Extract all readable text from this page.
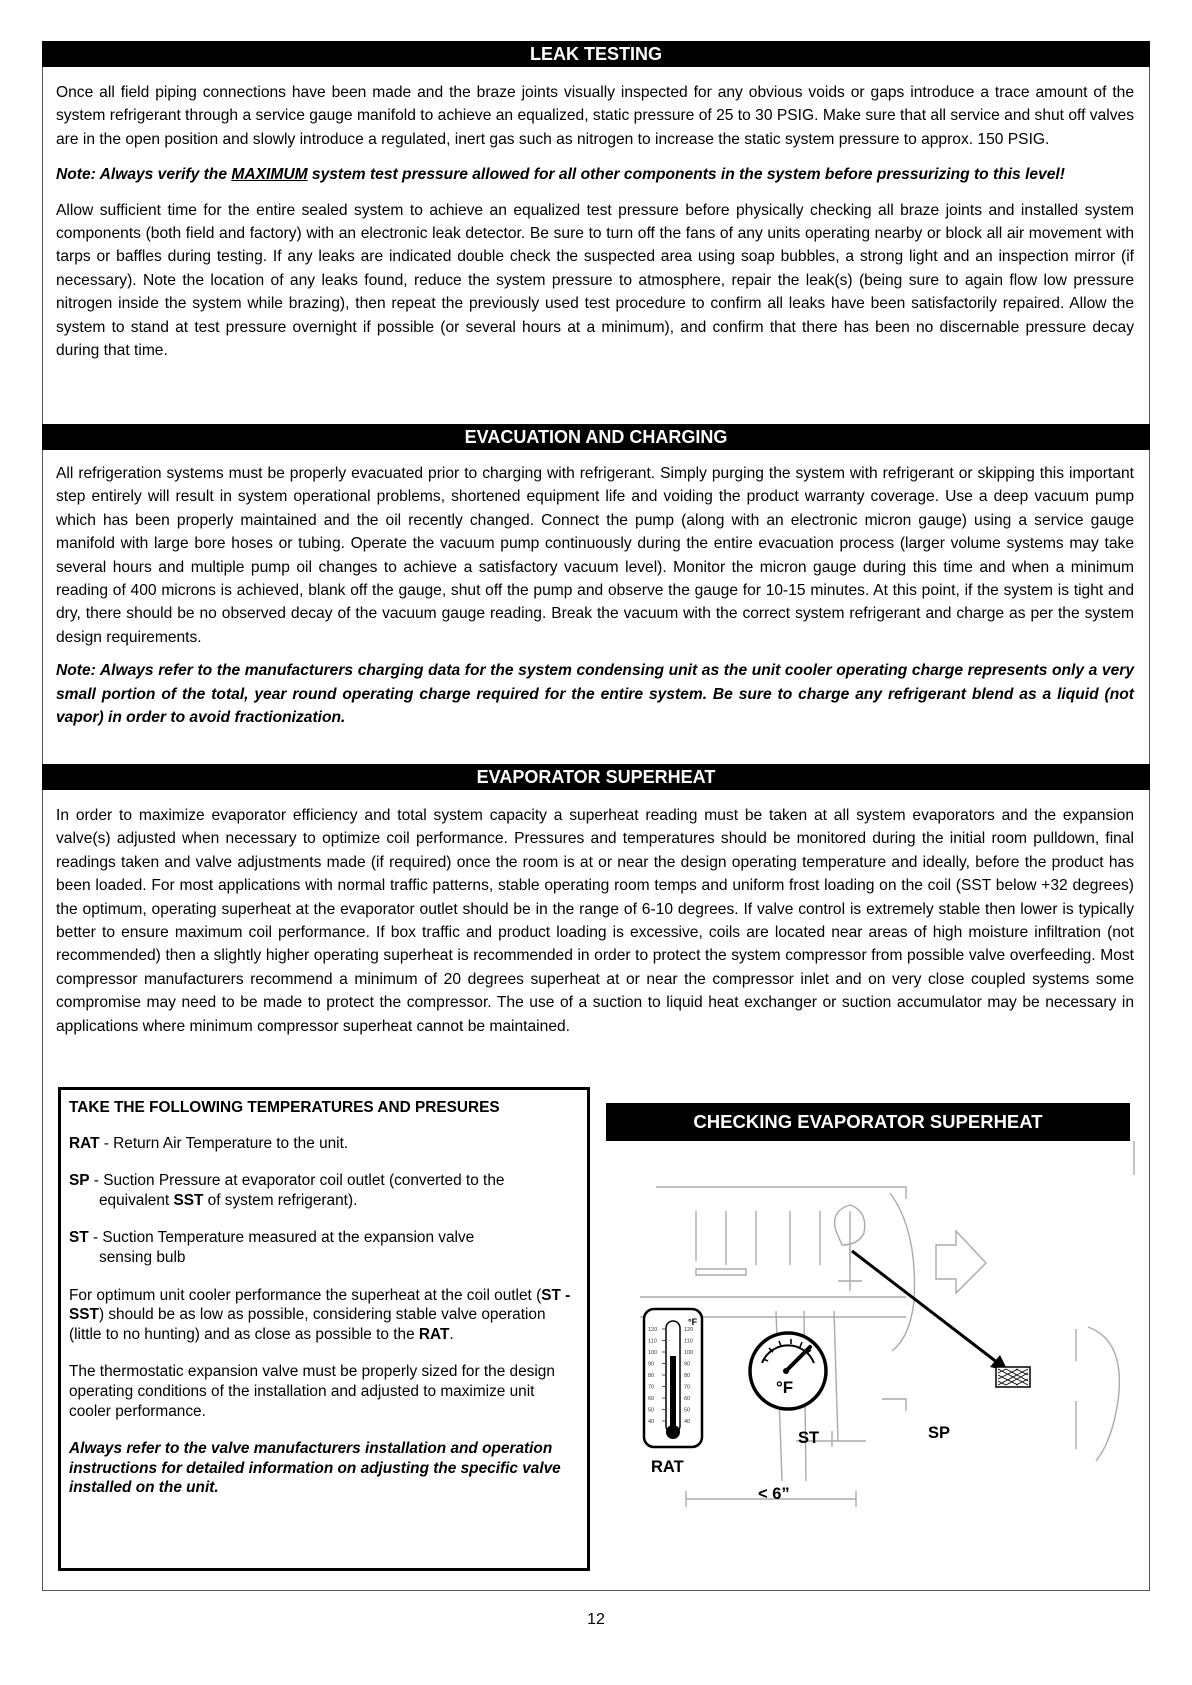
LEAK TESTING

Once all field piping connections have been made and the braze joints visually inspected for any obvious voids or gaps introduce a trace amount of the system refrigerant through a service gauge manifold to achieve an equalized, static pressure of 25 to 30 PSIG. Make sure that all service and shut off valves are in the open position and slowly introduce a regulated, inert gas such as nitrogen to increase the static system pressure to approx. 150 PSIG.

Note: Always verify the MAXIMUM system test pressure allowed for all other components in the system before pressurizing to this level!

Allow sufficient time for the entire sealed system to achieve an equalized test pressure before physically checking all braze joints and installed system components (both field and factory) with an electronic leak detector. Be sure to turn off the fans of any units operating nearby or block all air movement with tarps or baffles during testing. If any leaks are indicated double check the suspected area using soap bubbles, a strong light and an inspection mirror (if necessary). Note the location of any leaks found, reduce the system pressure to atmosphere, repair the leak(s) (being sure to again flow low pressure nitrogen inside the system while brazing), then repeat the previously used test procedure to confirm all leaks have been satisfactorily repaired. Allow the system to stand at test pressure overnight if possible (or several hours at a minimum), and confirm that there has been no discernable pressure decay during that time.

EVACUATION AND CHARGING

All refrigeration systems must be properly evacuated prior to charging with refrigerant. Simply purging the system with refrigerant or skipping this important step entirely will result in system operational problems, shortened equipment life and voiding the product warranty coverage. Use a deep vacuum pump which has been properly maintained and the oil recently changed. Connect the pump (along with an electronic micron gauge) using a service gauge manifold with large bore hoses or tubing. Operate the vacuum pump continuously during the entire evacuation process (larger volume systems may take several hours and multiple pump oil changes to achieve a satisfactory vacuum level). Monitor the micron gauge during this time and when a minimum reading of 400 microns is achieved, blank off the gauge, shut off the pump and observe the gauge for 10-15 minutes. At this point, if the system is tight and dry, there should be no observed decay of the vacuum gauge reading. Break the vacuum with the correct system refrigerant and charge as per the system design requirements.

Note: Always refer to the manufacturers charging data for the system condensing unit as the unit cooler operating charge represents only a very small portion of the total, year round operating charge required for the entire system. Be sure to charge any refrigerant blend as a liquid (not vapor) in order to avoid fractionization.

EVAPORATOR SUPERHEAT

In order to maximize evaporator efficiency and total system capacity a superheat reading must be taken at all system evaporators and the expansion valve(s) adjusted when necessary to optimize coil performance. Pressures and temperatures should be monitored during the initial room pulldown, final readings taken and valve adjustments made (if required) once the room is at or near the design operating temperature and ideally, before the product has been loaded. For most applications with normal traffic patterns, stable operating room temps and uniform frost loading on the coil (SST below +32 degrees) the optimum, operating superheat at the evaporator outlet should be in the range of 6-10 degrees. If valve control is extremely stable then lower is typically better to ensure maximum coil performance. If box traffic and product loading is excessive, coils are located near areas of high moisture infiltration (not recommended) then a slightly higher operating superheat is recommended in order to protect the system compressor from possible valve overfeeding. Most compressor manufacturers recommend a minimum of 20 degrees superheat at or near the compressor inlet and on very close coupled systems some compromise may need to be made to protect the compressor. The use of a suction to liquid heat exchanger or suction accumulator may be necessary in applications where minimum compressor superheat cannot be maintained.

TAKE THE FOLLOWING TEMPERATURES AND PRESURES

RAT - Return Air Temperature to the unit.

SP - Suction Pressure at evaporator coil outlet (converted to the
equivalent SST of system refrigerant).

ST - Suction Temperature measured at the expansion valve
sensing bulb

For optimum unit cooler performance the superheat at the coil outlet (ST - SST) should be as low as possible, considering stable valve operation (little to no hunting) and as close as possible to the RAT.

The thermostatic expansion valve must be properly sized for the design operating conditions of the installation and adjusted to maximize unit cooler performance.

Always refer to the valve manufacturers installation and operation instructions for detailed information on adjusting the specific valve installed on the unit.

CHECKING EVAPORATOR SUPERHEAT
120	120
110	110
100	100
90	90
80	80
70	70
60	60
50	50
40	40
°F
°F
RAT
ST	SP
< 6”
12
